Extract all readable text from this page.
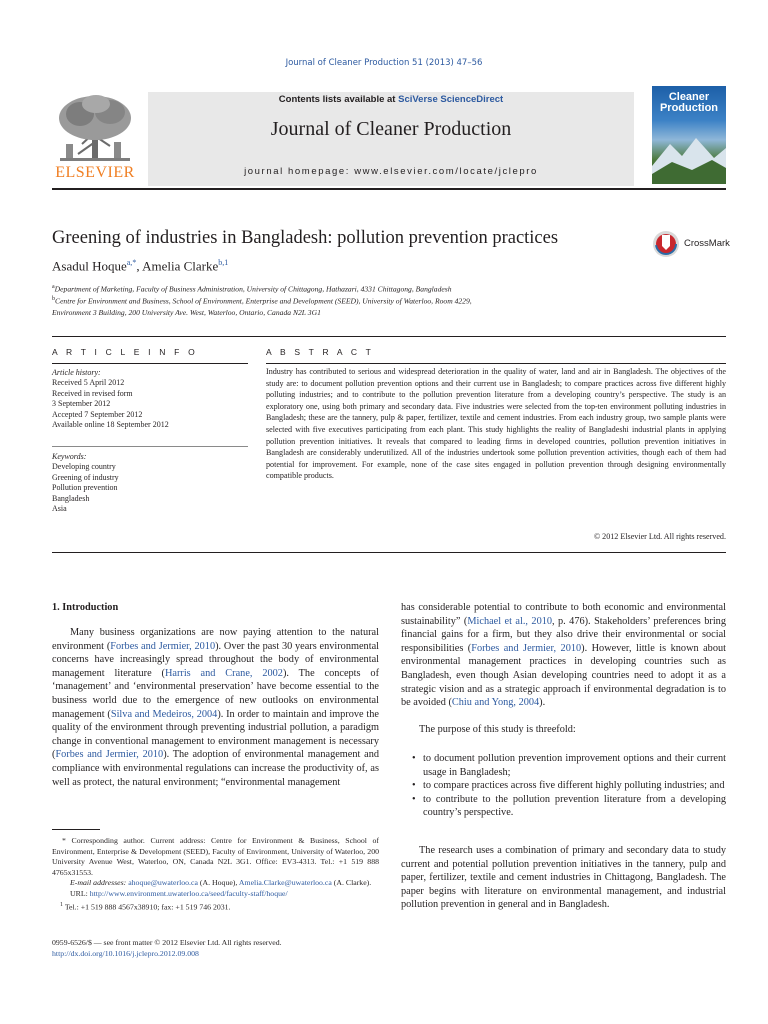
Journal of Cleaner Production 51 (2013) 47–56
ELSEVIER
Contents lists available at SciVerse ScienceDirect
Journal of Cleaner Production
journal homepage: www.elsevier.com/locate/jclepro
Cleaner
Production
Greening of industries in Bangladesh: pollution prevention practices	CrossMark
Asadul Hoque$^{a,*}$, Amelia Clarke$^{b,1}$
$^a$Department of Marketing, Faculty of Business Administration, University of Chittagong, Hathazari, 4331 Chittagong, Bangladesh
$^b$Centre for Environment and Business, School of Environment, Enterprise and Development (SEED), University of Waterloo, Room 4229,
Environment 3 Building, 200 University Ave. West, Waterloo, Ontario, Canada N2L 3G1
A R T I C L E I N F O	A B S T R A C T
Article history:
Received 5 April 2012
Received in revised form
3 September 2012
Accepted 7 September 2012
Available online 18 September 2012
Keywords:
Developing country
Greening of industry
Pollution prevention
Bangladesh
Asia
Industry has contributed to serious and widespread deterioration in the quality of water, land and air in Bangladesh. The objectives of the study are: to document pollution prevention options and their current use in Bangladesh; to compare practices across five different highly polluting industries; and to contribute to the pollution prevention literature from a developing country’s perspective. The study is an exploratory one, using both primary and secondary data. Five industries were selected from the top-ten environment polluting industries in Bangladesh; these are the tannery, pulp & paper, fertilizer, textile and cement industries. From each industry group, two sample plants were selected with five executives participating from each plant. This study highlights the reality of Bangladeshi industrial plants in applying pollution prevention initiatives. It reveals that compared to leading firms in developed countries, pollution prevention initiatives in Bangladesh are considerably underutilized. All of the industries undertook some pollution prevention activities, though each of them had potential for improvement. For example, none of the case sites engaged in pollution prevention through designing environmentally compatible products.
© 2012 Elsevier Ltd. All rights reserved.
1. Introduction
Many business organizations are now paying attention to the natural environment (Forbes and Jermier, 2010). Over the past 30 years environmental concerns have increasingly spread throughout the body of environmental management literature (Harris and Crane, 2002). The concepts of ‘management’ and ‘environmental preservation’ have become essential to the business world due to the emergence of new outlooks on environmental management (Silva and Medeiros, 2004). In order to maintain and improve the quality of the environment through preventing industrial pollution, a paradigm change in conventional management to environment management is necessary (Forbes and Jermier, 2010). The adoption of environmental management and compliance with environmental regulations can increase the productivity of, as well as protect, the natural environment; “environmental management
* Corresponding author. Current address: Centre for Environment & Business, School of Environment, Enterprise & Development (SEED), Faculty of Environment, University of Waterloo, 200 University Avenue West, Waterloo, ON, Canada N2L 3G1. Office: EV3-4313. Tel.: +1 519 888 4765x31553.
E-mail addresses: ahoque@uwaterloo.ca (A. Hoque), Amelia.Clarke@uwaterloo.ca (A. Clarke).
URL: http://www.environment.uwaterloo.ca/seed/faculty-staff/hoque/
$^1$ Tel.: +1 519 888 4567x38910; fax: +1 519 746 2031.
0959-6526/$ — see front matter © 2012 Elsevier Ltd. All rights reserved.
http://dx.doi.org/10.1016/j.jclepro.2012.09.008
has considerable potential to contribute to both economic and environmental sustainability” (Michael et al., 2010, p. 476). Stakeholders’ preferences bring financial gains for a firm, but they also drive their environmental or social responsibilities (Forbes and Jermier, 2010). However, little is known about environmental management practices in developing countries such as Bangladesh, even though Asian developing countries need to adopt it as a strategic vision and as a strategic approach if environmental degradation is to be avoided (Chiu and Yong, 2004).
The purpose of this study is threefold:
• to document pollution prevention improvement options and their current usage in Bangladesh;
• to compare practices across five different highly polluting industries; and
• to contribute to the pollution prevention literature from a developing country’s perspective.
The research uses a combination of primary and secondary data to study current and potential pollution prevention initiatives in the tannery, pulp and paper, fertilizer, textile and cement industries in Chittagong, Bangladesh. The paper begins with literature on environmental management, and industrial pollution prevention in general and in Bangladesh.
